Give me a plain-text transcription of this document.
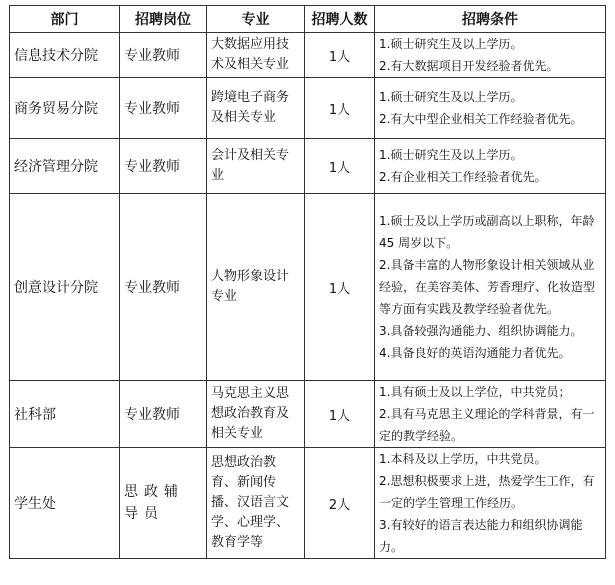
部门	招聘岗位	专业	招聘人数	招聘条件
信息技术分院	专业教师	大数据应用技术及相关专业	1人	1.硕士研究生及以上学历。
2.有大数据项目开发经验者优先。

商务贸易分院	专业教师	跨境电子商务及相关专业	1人	1.硕士研究生及以上学历。
2.有大中型企业相关工作经验者优先。

经济管理分院	专业教师	会计及相关专业	1人	1.硕士研究生及以上学历。
2.有企业相关工作经验者优先。

创意设计分院	专业教师	人物形象设计专业	1人	1.硕士及以上学历或副高以上职称，年龄 45 周岁以下。
2.具备丰富的人物形象设计相关领域从业经验，在美容美体、芳香理疗、化妆造型等方面有实践及教学经验者优先。
3.具备较强沟通能力、组织协调能力。
4.具备良好的英语沟通能力者优先。

社科部	专业教师	马克思主义思想政治教育及相关专业	1人	1.具有硕士及以上学位，中共党员；
2.具有马克思主义理论的学科背景，有一定的教学经验。

学生处	思政辅导员	思想政治教育、新闻传播、汉语言文学、心理学、教育学等	2人	1.本科及以上学历，中共党员。
2.思想积极要求上进，热爱学生工作，有一定的学生管理工作经历。
3.有较好的语言表达能力和组织协调能力。
